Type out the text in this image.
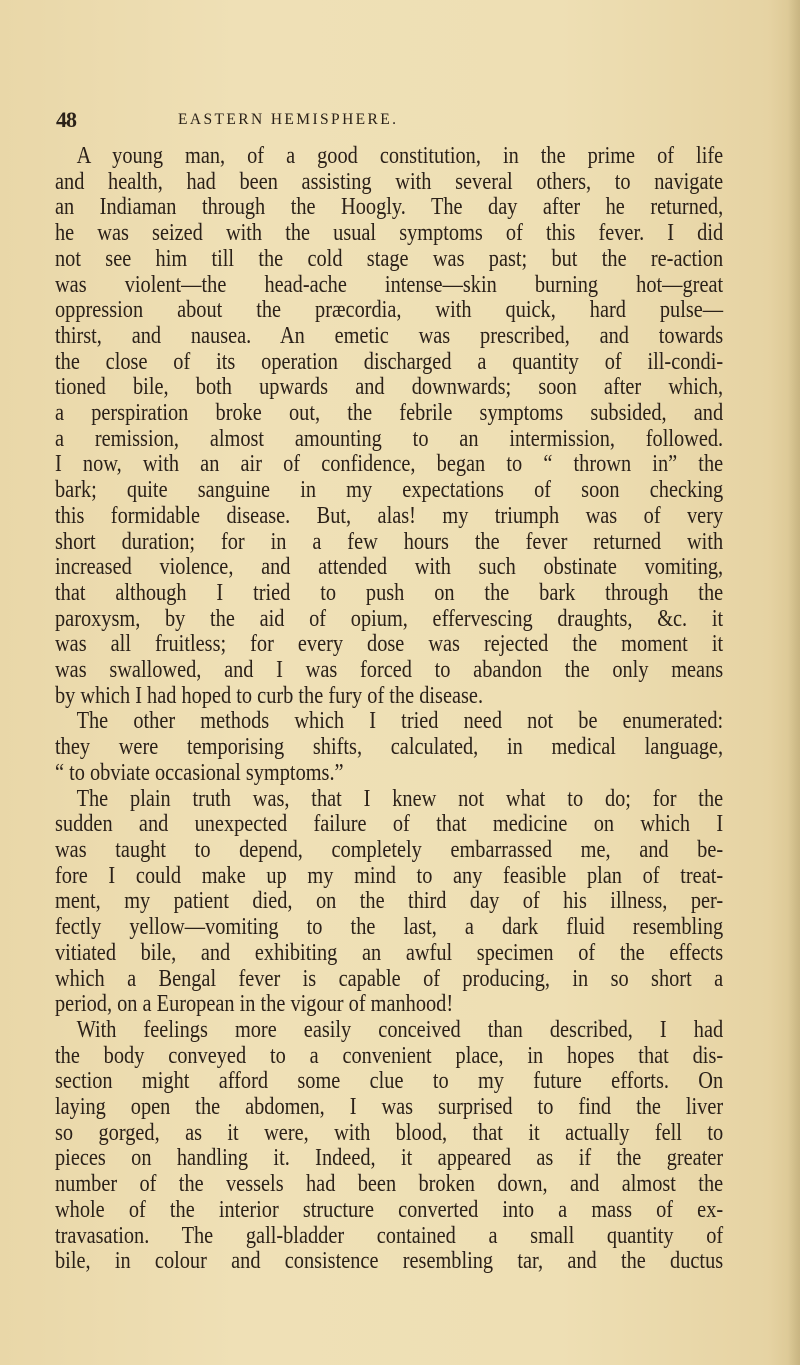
48	EASTERN HEMISPHERE.
A young man, of a good constitution, in the prime of life
and health, had been assisting with several others, to navigate
an Indiaman through the Hoogly. The day after he returned,
he was seized with the usual symptoms of this fever. I did
not see him till the cold stage was past; but the re-action
was violent—the head-ache intense—skin burning hot—great
oppression about the præcordia, with quick, hard pulse—
thirst, and nausea. An emetic was prescribed, and towards
the close of its operation discharged a quantity of ill-condi-
tioned bile, both upwards and downwards; soon after which,
a perspiration broke out, the febrile symptoms subsided, and
a remission, almost amounting to an intermission, followed.
I now, with an air of confidence, began to “ thrown in” the
bark; quite sanguine in my expectations of soon checking
this formidable disease. But, alas! my triumph was of very
short duration; for in a few hours the fever returned with
increased violence, and attended with such obstinate vomiting,
that although I tried to push on the bark through the
paroxysm, by the aid of opium, effervescing draughts, &c. it
was all fruitless; for every dose was rejected the moment it
was swallowed, and I was forced to abandon the only means
by which I had hoped to curb the fury of the disease.
The other methods which I tried need not be enumerated:
they were temporising shifts, calculated, in medical language,
“ to obviate occasional symptoms.”
The plain truth was, that I knew not what to do; for the
sudden and unexpected failure of that medicine on which I
was taught to depend, completely embarrassed me, and be-
fore I could make up my mind to any feasible plan of treat-
ment, my patient died, on the third day of his illness, per-
fectly yellow—vomiting to the last, a dark fluid resembling
vitiated bile, and exhibiting an awful specimen of the effects
which a Bengal fever is capable of producing, in so short a
period, on a European in the vigour of manhood!
With feelings more easily conceived than described, I had
the body conveyed to a convenient place, in hopes that dis-
section might afford some clue to my future efforts. On
laying open the abdomen, I was surprised to find the liver
so gorged, as it were, with blood, that it actually fell to
pieces on handling it. Indeed, it appeared as if the greater
number of the vessels had been broken down, and almost the
whole of the interior structure converted into a mass of ex-
travasation. The gall-bladder contained a small quantity of
bile, in colour and consistence resembling tar, and the ductus
